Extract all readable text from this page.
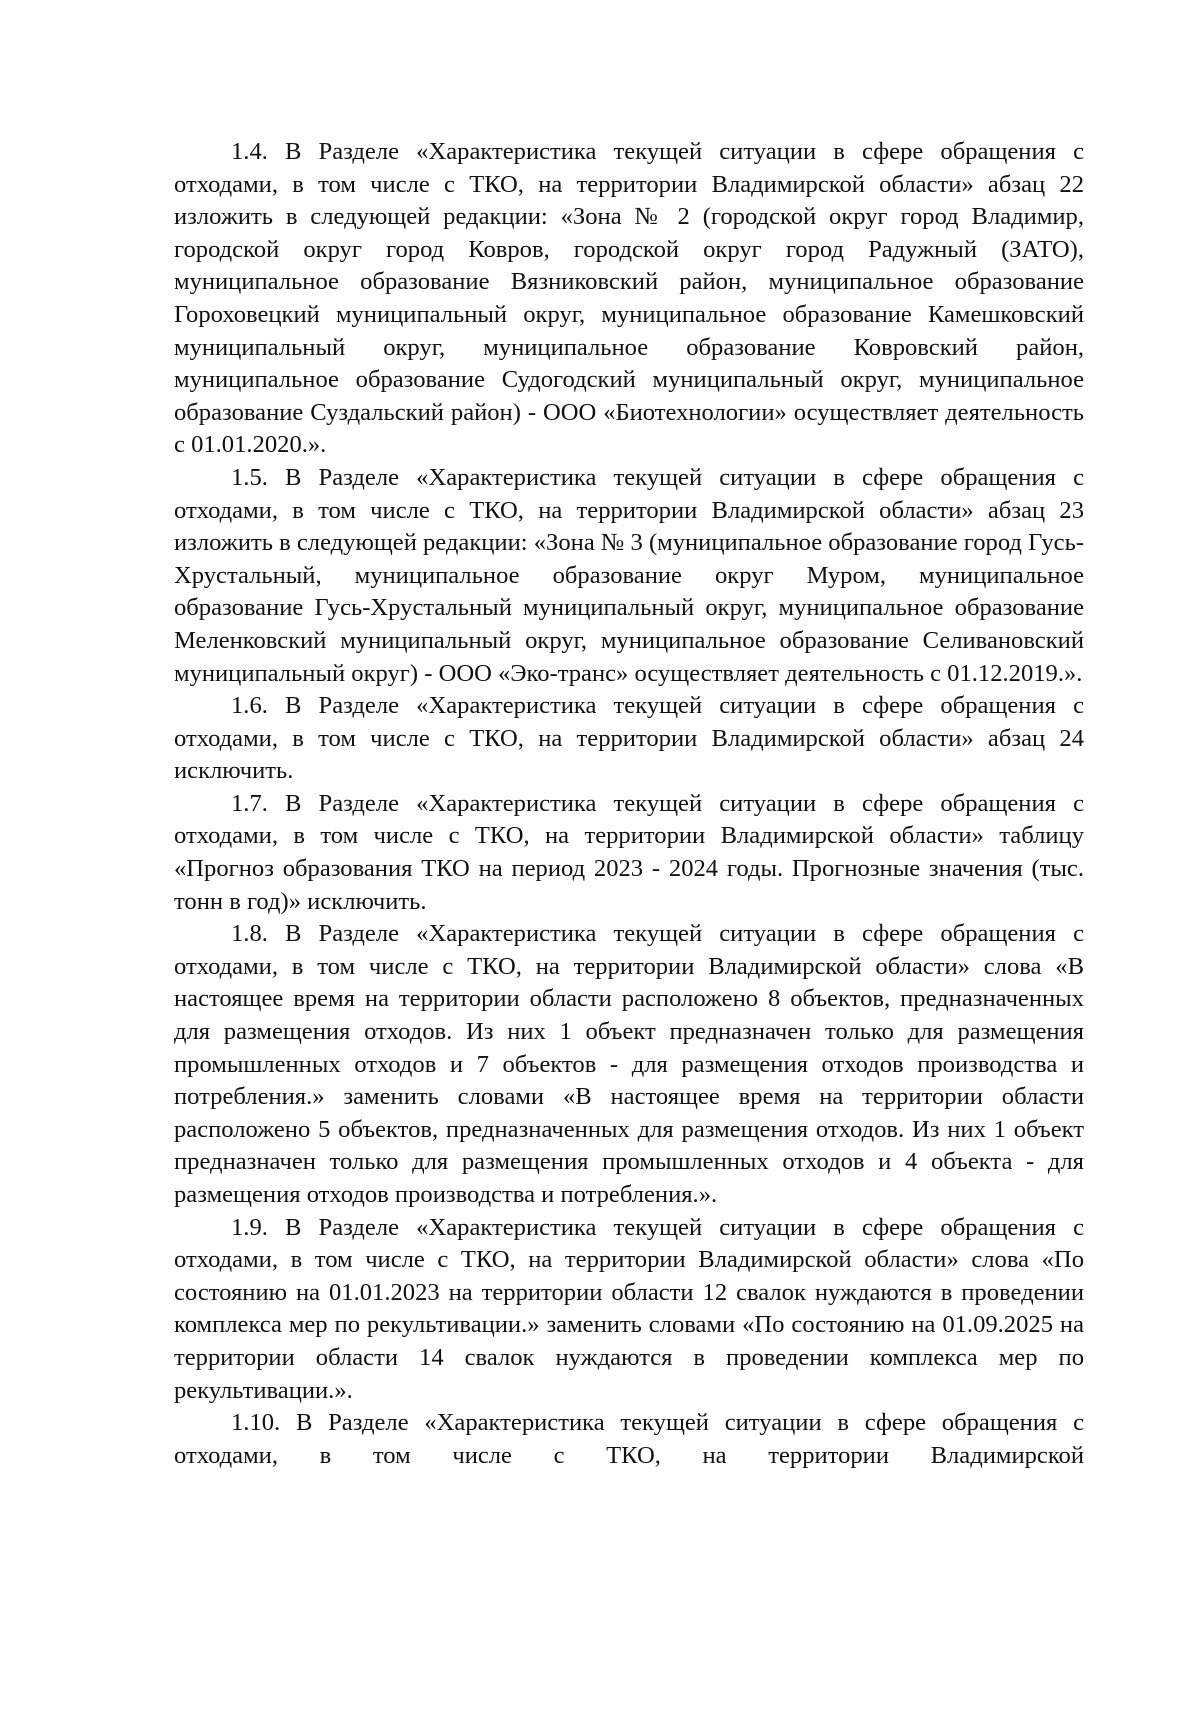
1.4. В Разделе «Характеристика текущей ситуации в сфере обращения с отходами, в том числе с ТКО, на территории Владимирской области» абзац 22 изложить в следующей редакции: «Зона № 2 (городской округ город Владимир, городской округ город Ковров, городской округ город Радужный (ЗАТО), муниципальное образование Вязниковский район, муниципальное образование Гороховецкий муниципальный округ, муниципальное образование Камешковский муниципальный округ, муниципальное образование Ковровский район, муниципальное образование Судогодский муниципальный округ, муниципальное образование Суздальский район) - ООО «Биотехнологии» осуществляет деятельность с 01.01.2020.».

1.5. В Разделе «Характеристика текущей ситуации в сфере обращения с отходами, в том числе с ТКО, на территории Владимирской области» абзац 23 изложить в следующей редакции: «Зона № 3 (муниципальное образование город Гусь-Хрустальный, муниципальное образование округ Муром, муниципальное образование Гусь-Хрустальный муниципальный округ, муниципальное образование Меленковский муниципальный округ, муниципальное образование Селивановский муниципальный округ) - ООО «Эко-транс» осуществляет деятельность с 01.12.2019.».

1.6. В Разделе «Характеристика текущей ситуации в сфере обращения с отходами, в том числе с ТКО, на территории Владимирской области» абзац 24 исключить.

1.7. В Разделе «Характеристика текущей ситуации в сфере обращения с отходами, в том числе с ТКО, на территории Владимирской области» таблицу «Прогноз образования ТКО на период 2023 - 2024 годы. Прогнозные значения (тыс. тонн в год)» исключить.

1.8. В Разделе «Характеристика текущей ситуации в сфере обращения с отходами, в том числе с ТКО, на территории Владимирской области» слова «В настоящее время на территории области расположено 8 объектов, предназначенных для размещения отходов. Из них 1 объект предназначен только для размещения промышленных отходов и 7 объектов - для размещения отходов производства и потребления.» заменить словами «В настоящее время на территории области расположено 5 объектов, предназначенных для размещения отходов. Из них 1 объект предназначен только для размещения промышленных отходов и 4 объекта - для размещения отходов производства и потребления.».

1.9. В Разделе «Характеристика текущей ситуации в сфере обращения с отходами, в том числе с ТКО, на территории Владимирской области» слова «По состоянию на 01.01.2023 на территории области 12 свалок нуждаются в проведении комплекса мер по рекультивации.» заменить словами «По состоянию на 01.09.2025 на территории области 14 свалок нуждаются в проведении комплекса мер по рекультивации.».

1.10. В Разделе «Характеристика текущей ситуации в сфере обращения с отходами, в том числе с ТКО, на территории Владимирской
